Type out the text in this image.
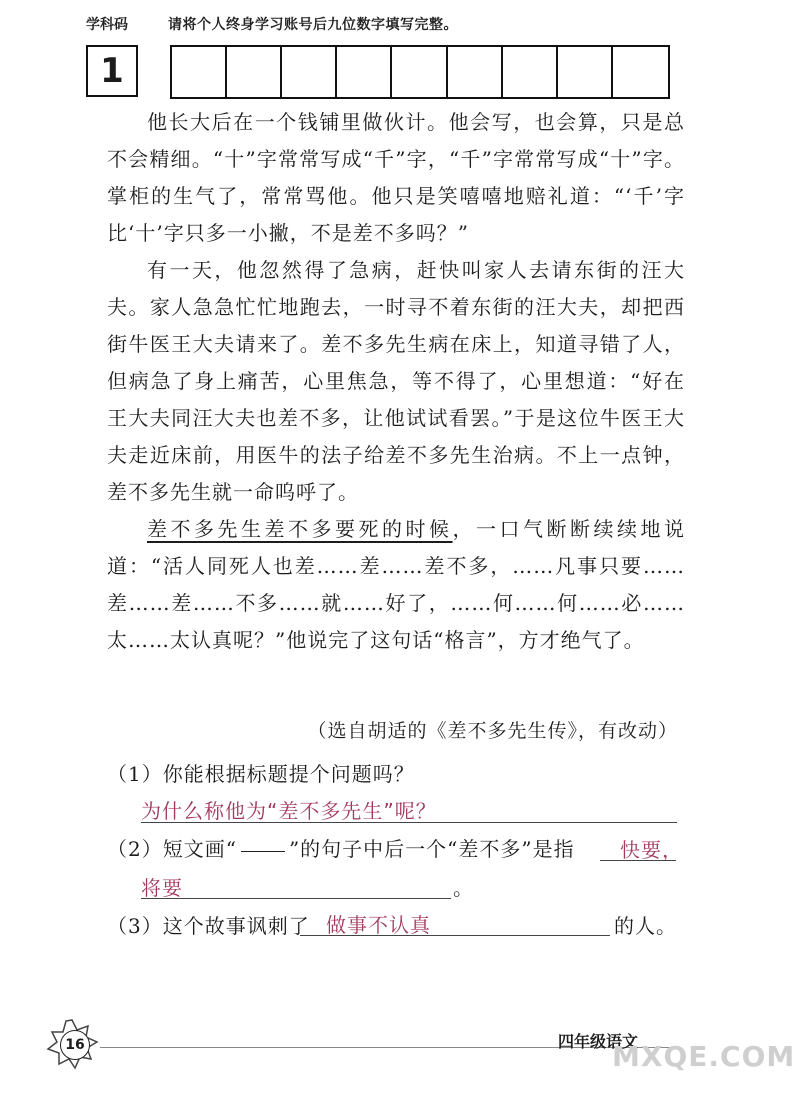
学科码	请将个人终身学习账号后九位数字填写完整。
1

他长大后在一个钱铺里做伙计。他会写，也会算，只是总不会精细。“十”字常常写成“千”字，“千”字常常写成“十”字。掌柜的生气了，常常骂他。他只是笑嘻嘻地赔礼道：“‘千’字比‘十’字只多一小撇，不是差不多吗？”

有一天，他忽然得了急病，赶快叫家人去请东街的汪大夫。家人急急忙忙地跑去，一时寻不着东街的汪大夫，却把西街牛医王大夫请来了。差不多先生病在床上，知道寻错了人，但病急了身上痛苦，心里焦急，等不得了，心里想道：“好在王大夫同汪大夫也差不多，让他试试看罢。”于是这位牛医王大夫走近床前，用医牛的法子给差不多先生治病。不上一点钟，差不多先生就一命呜呼了。

差不多先生差不多要死的时候，一口气断断续续地说道：“活人同死人也差……差……差不多，……凡事只要……差……差……不多……就……好了，……何……何……必……太……太认真呢？”他说完了这句话“格言”，方才绝气了。

（选自胡适的《差不多先生传》，有改动）
（1）你能根据标题提个问题吗？
为什么称他为“差不多先生”呢？
（2）短文画“	”的句子中后一个“差不多”是指 快要，
将要	。
（3）这个故事讽刺了 做事不认真	的人。
16	四年级语文
MXQE.COM
